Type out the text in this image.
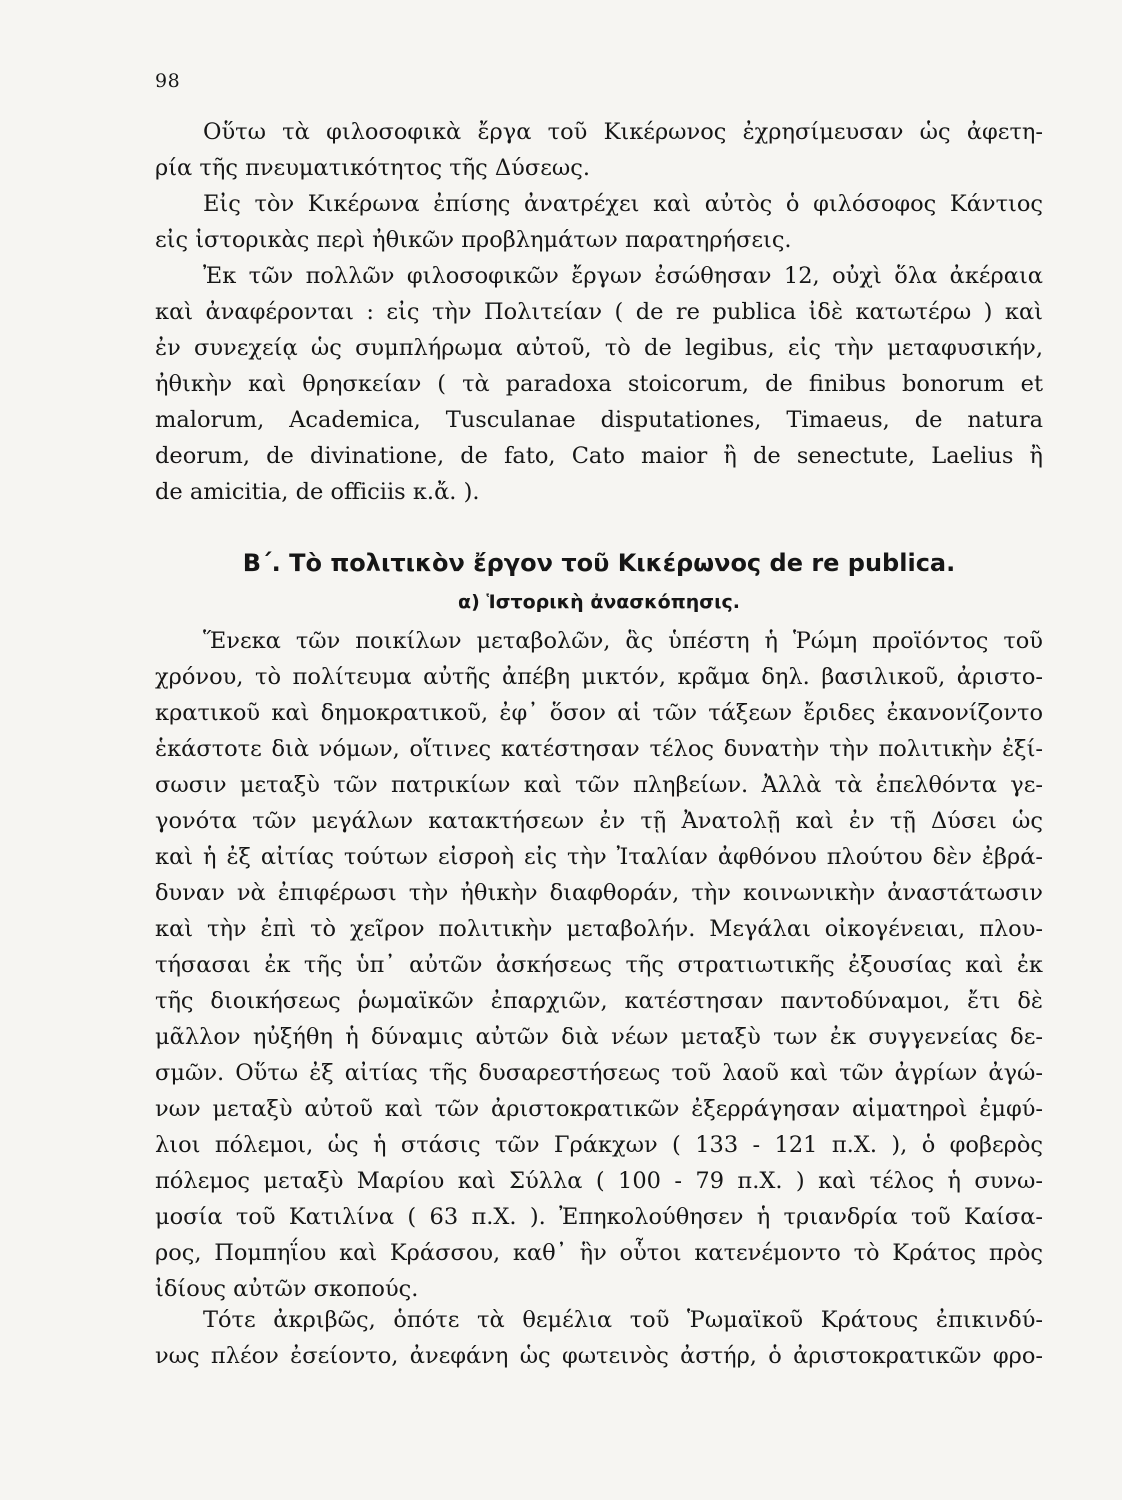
98
Οὕτω τὰ φιλοσοφικὰ ἔργα τοῦ Κικέρωνος ἐχρησίμευσαν ὡς ἀφετη-
ρία τῆς πνευματικότητος τῆς Δύσεως.
Εἰς τὸν Κικέρωνα ἐπίσης ἀνατρέχει καὶ αὐτὸς ὁ φιλόσοφος Κάντιος
εἰς ἱστορικὰς περὶ ἠθικῶν προβλημάτων παρατηρήσεις.
Ἐκ τῶν πολλῶν φιλοσοφικῶν ἔργων ἐσώθησαν 12, οὐχὶ ὅλα ἀκέραια
καὶ ἀναφέρονται : εἰς τὴν Πολιτείαν ( de re publica ἰδὲ κατωτέρω ) καὶ
ἐν συνεχείᾳ ὡς συμπλήρωμα αὐτοῦ, τὸ de legibus, εἰς τὴν μεταφυσικήν,
ἠθικὴν καὶ θρησκείαν ( τὰ paradoxa stoicorum, de finibus bonorum et
malorum, Academica, Tusculanae disputationes, Timaeus, de natura
deorum, de divinatione, de fato, Cato maior ἢ de senectute, Laelius ἢ
de amicitia, de officiis κ.ἄ. ).
Β΄. Τὸ πολιτικὸν ἔργον τοῦ Κικέρωνος de re publica.
α) Ἱστορικὴ ἀνασκόπησις.
Ἕνεκα τῶν ποικίλων μεταβολῶν, ἃς ὑπέστη ἡ Ῥώμη προϊόντος τοῦ
χρόνου, τὸ πολίτευμα αὐτῆς ἀπέβη μικτόν, κρᾶμα δηλ. βασιλικοῦ, ἀριστο-
κρατικοῦ καὶ δημοκρατικοῦ, ἐφ᾽ ὅσον αἱ τῶν τάξεων ἔριδες ἐκανονίζοντο
ἑκάστοτε διὰ νόμων, οἵτινες κατέστησαν τέλος δυνατὴν τὴν πολιτικὴν ἐξί-
σωσιν μεταξὺ τῶν πατρικίων καὶ τῶν πληβείων. Ἀλλὰ τὰ ἐπελθόντα γε-
γονότα τῶν μεγάλων κατακτήσεων ἐν τῇ Ἀνατολῇ καὶ ἐν τῇ Δύσει ὡς
καὶ ἡ ἐξ αἰτίας τούτων εἰσροὴ εἰς τὴν Ἰταλίαν ἀφθόνου πλούτου δὲν ἐβρά-
δυναν νὰ ἐπιφέρωσι τὴν ἠθικὴν διαφθοράν, τὴν κοινωνικὴν ἀναστάτωσιν
καὶ τὴν ἐπὶ τὸ χεῖρον πολιτικὴν μεταβολήν. Μεγάλαι οἰκογένειαι, πλου-
τήσασαι ἐκ τῆς ὑπ᾽ αὐτῶν ἀσκήσεως τῆς στρατιωτικῆς ἐξουσίας καὶ ἐκ
τῆς διοικήσεως ῥωμαϊκῶν ἐπαρχιῶν, κατέστησαν παντοδύναμοι, ἔτι δὲ
μᾶλλον ηὐξήθη ἡ δύναμις αὐτῶν διὰ νέων μεταξὺ των ἐκ συγγενείας δε-
σμῶν. Οὕτω ἐξ αἰτίας τῆς δυσαρεστήσεως τοῦ λαοῦ καὶ τῶν ἀγρίων ἀγώ-
νων μεταξὺ αὐτοῦ καὶ τῶν ἀριστοκρατικῶν ἐξερράγησαν αἱματηροὶ ἐμφύ-
λιοι πόλεμοι, ὡς ἡ στάσις τῶν Γράκχων ( 133 - 121 π.Χ. ), ὁ φοβερὸς
πόλεμος μεταξὺ Μαρίου καὶ Σύλλα ( 100 - 79 π.Χ. ) καὶ τέλος ἡ συνω-
μοσία τοῦ Κατιλίνα ( 63 π.Χ. ). Ἐπηκολούθησεν ἡ τριανδρία τοῦ Καίσα-
ρος, Πομπηΐου καὶ Κράσσου, καθ᾽ ἣν οὗτοι κατενέμοντο τὸ Κράτος πρὸς
ἰδίους αὐτῶν σκοπούς.
Τότε ἀκριβῶς, ὁπότε τὰ θεμέλια τοῦ Ῥωμαϊκοῦ Κράτους ἐπικινδύ-
νως πλέον ἐσείοντο, ἀνεφάνη ὡς φωτεινὸς ἀστήρ, ὁ ἀριστοκρατικῶν φρο-
